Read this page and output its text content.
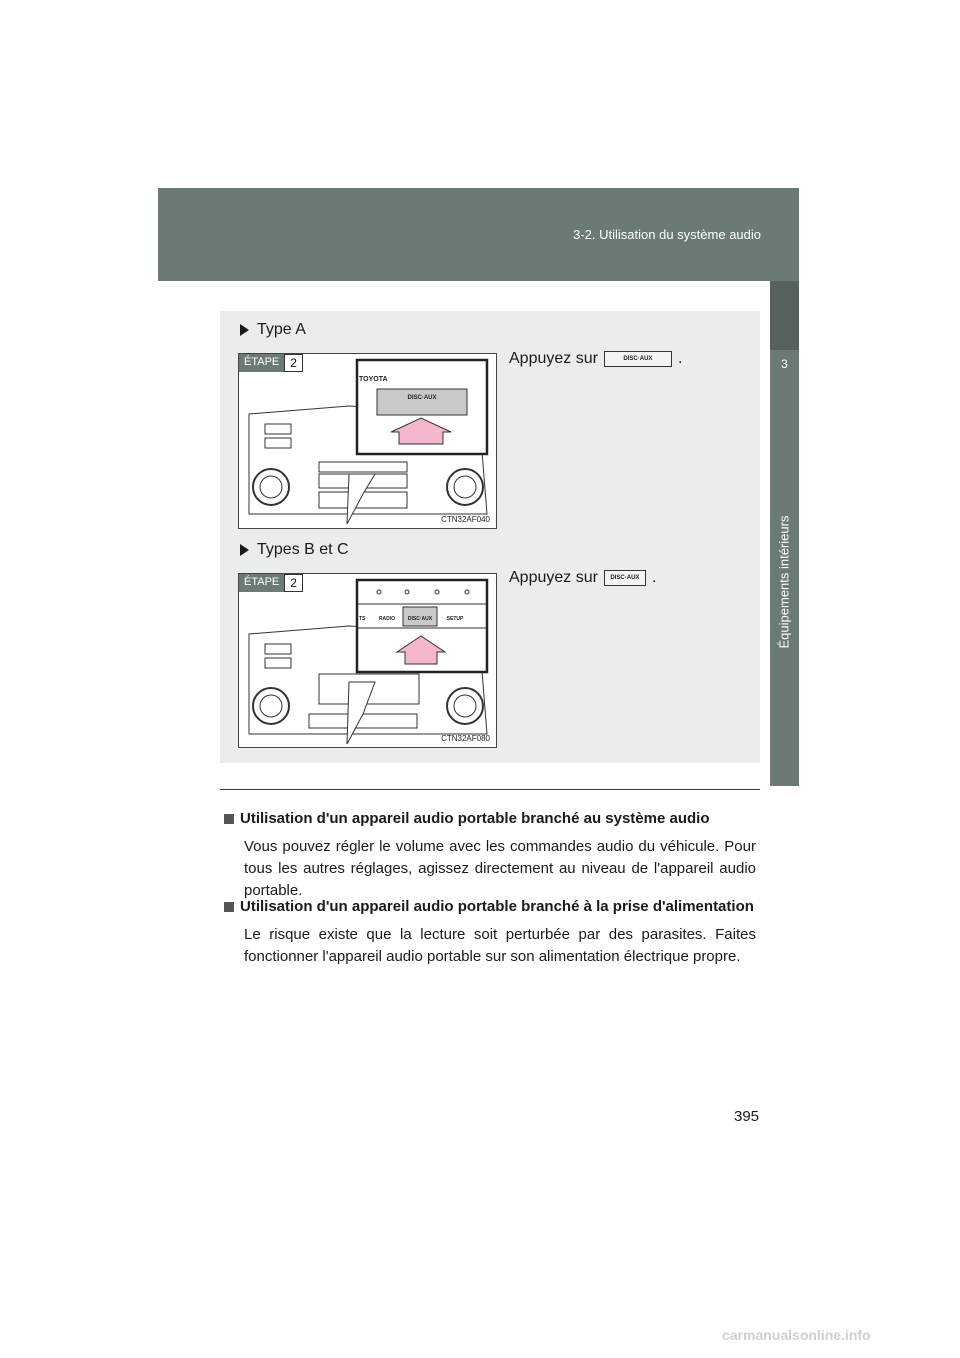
3-2. Utilisation du système audio
3
Équipements intérieurs
Type A
TOYOTA
DISC·AUX
ÉTAPE 2
CTN32AF040
Appuyez sur	DISC·AUX	.
Types B et C
TS	RADIO	DISC·AUX	SETUP
ÉTAPE 2
CTN32AF080
Appuyez sur	DISC·AUX .
Utilisation d'un appareil audio portable branché au système audio

Vous pouvez régler le volume avec les commandes audio du véhicule. Pour tous les autres réglages, agissez directement au niveau de l'appareil audio portable.

Utilisation d'un appareil audio portable branché à la prise d'alimentation

Le risque existe que la lecture soit perturbée par des parasites. Faites fonctionner l'appareil audio portable sur son alimentation électrique propre.

395
carmanualsonline.info
